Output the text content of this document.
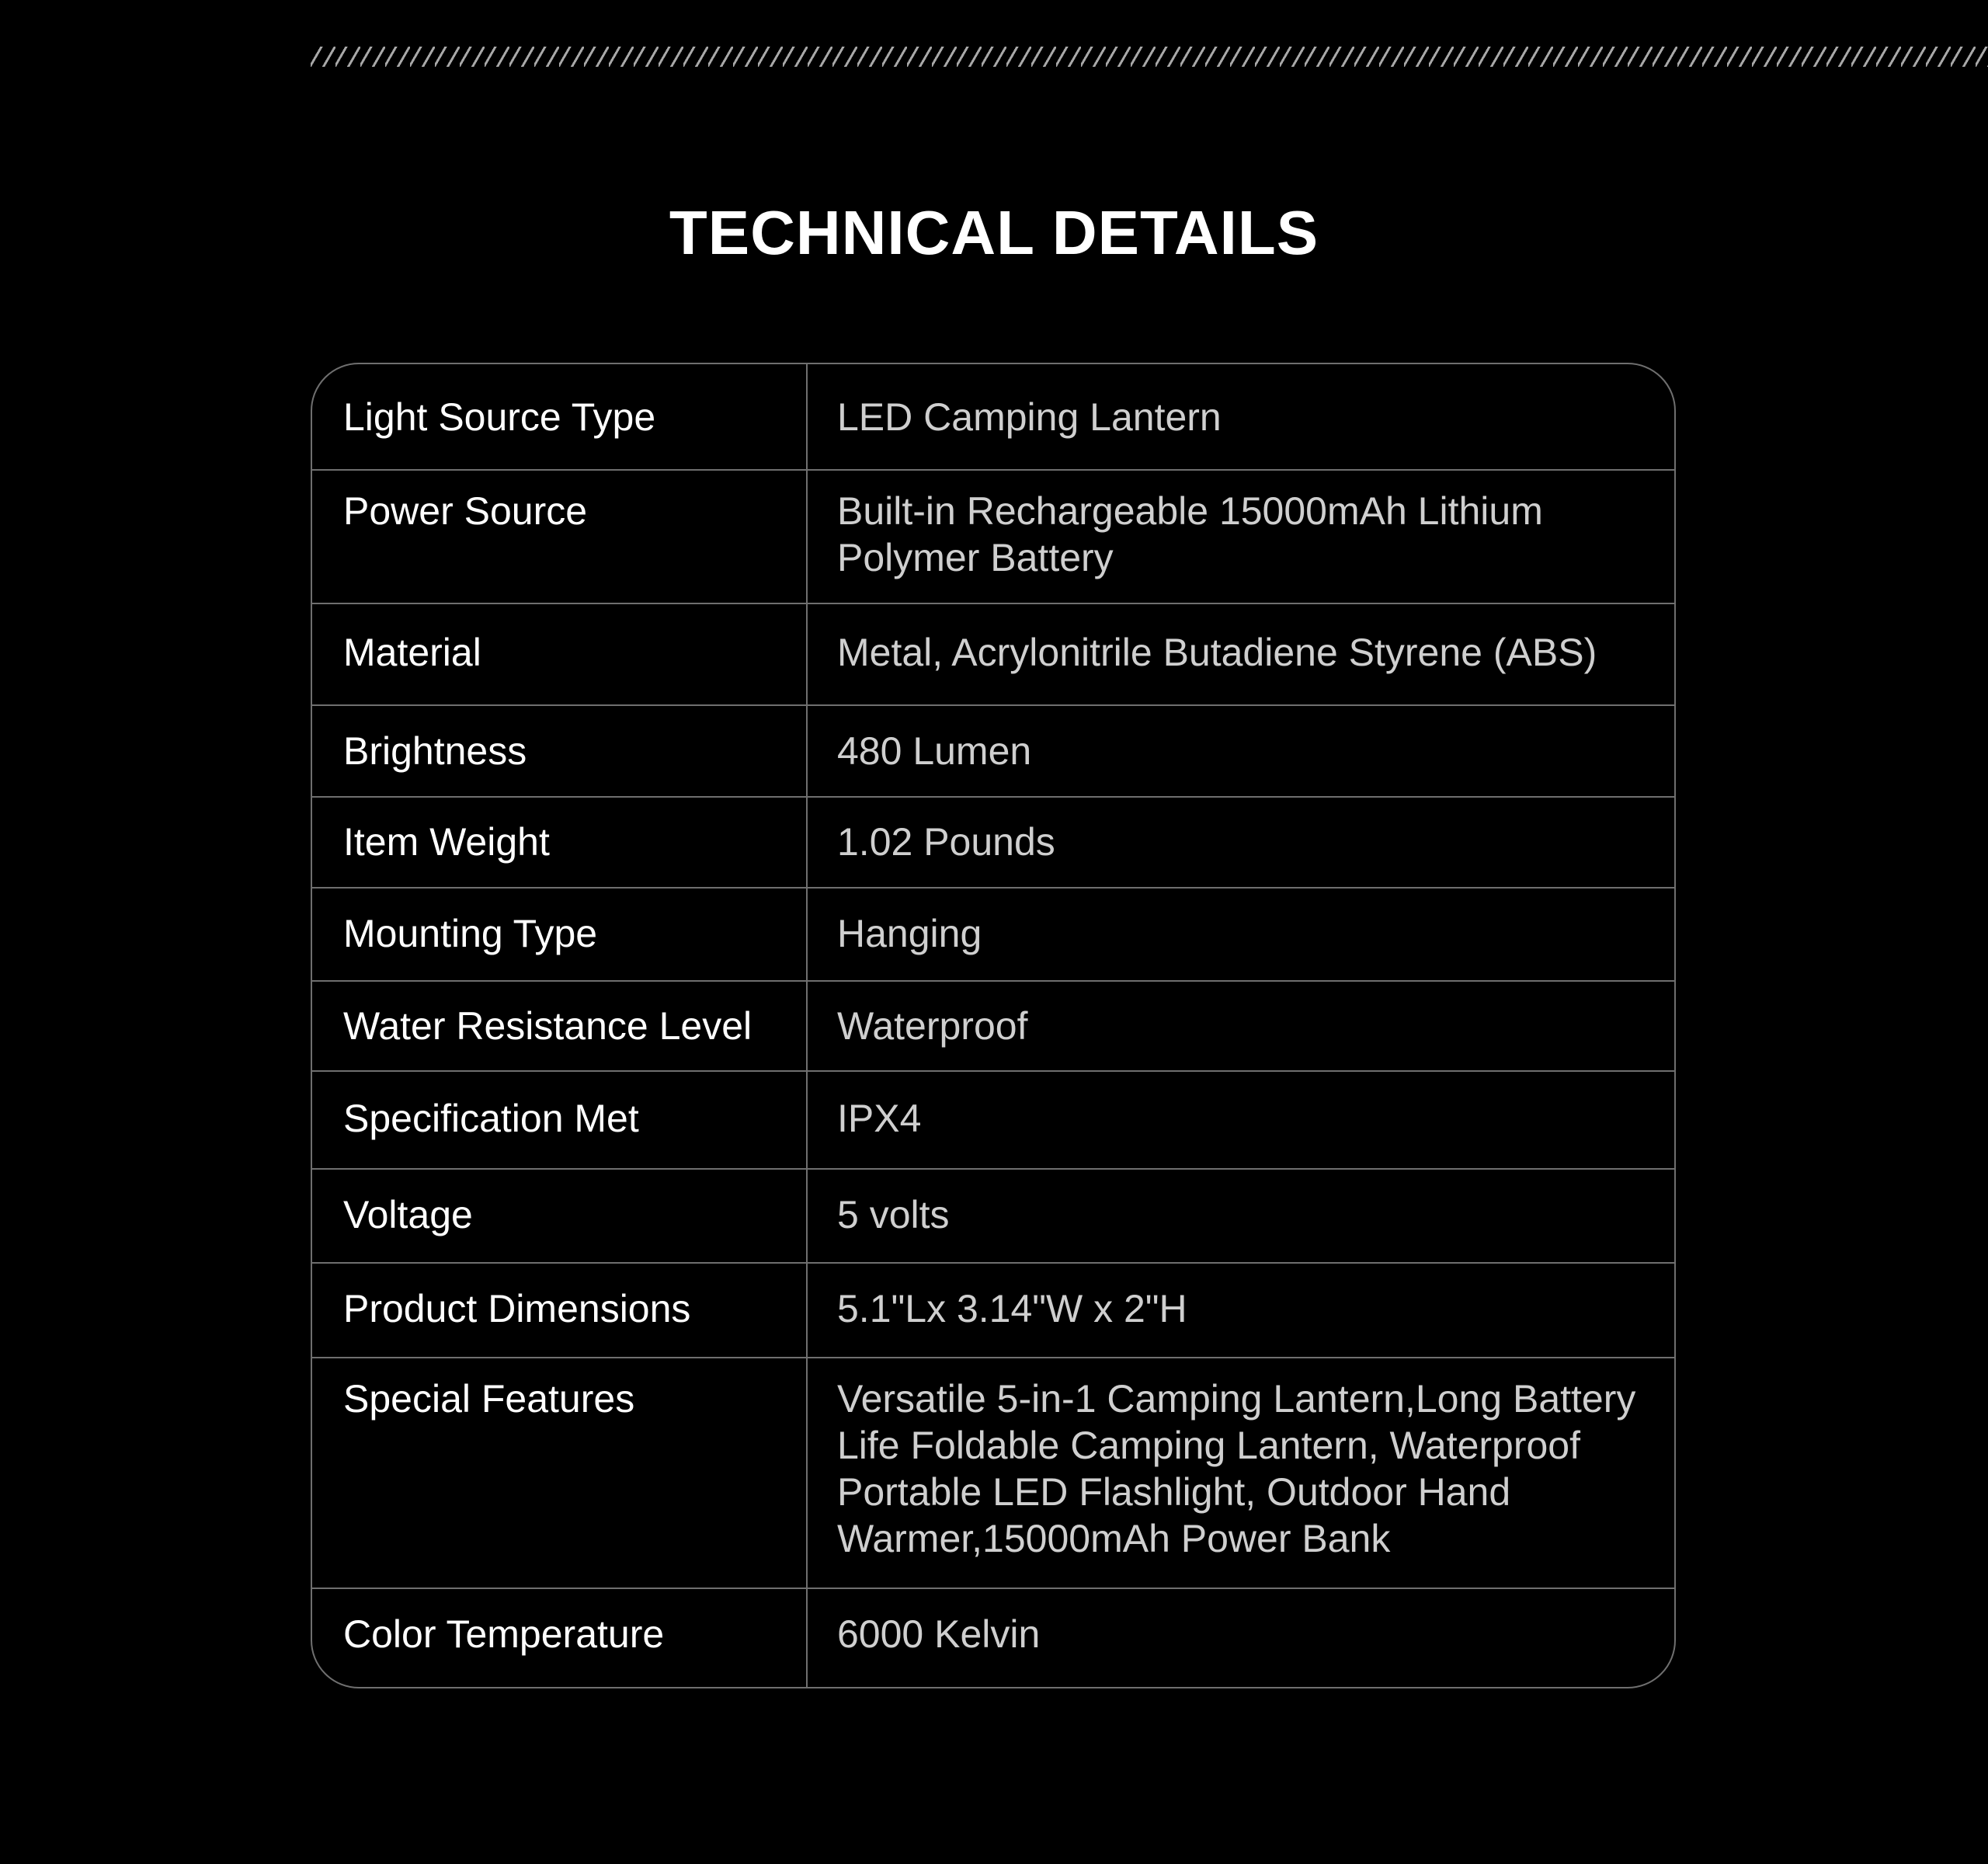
TECHNICAL DETAILS
Light Source Type	LED Camping Lantern
Power Source	Built-in Rechargeable 15000mAh Lithium Polymer Battery
Material	Metal, Acrylonitrile Butadiene Styrene (ABS)
Brightness	480 Lumen
Item Weight	1.02 Pounds
Mounting Type	Hanging
Water Resistance Level	Waterproof
Specification Met	IPX4
Voltage	5 volts
Product Dimensions	5.1"Lx 3.14"W x 2"H
Special Features	Versatile 5-in-1 Camping Lantern,Long Battery Life Foldable Camping Lantern, Waterproof Portable LED Flashlight, Outdoor Hand Warmer,15000mAh Power Bank
Color Temperature	6000 Kelvin
